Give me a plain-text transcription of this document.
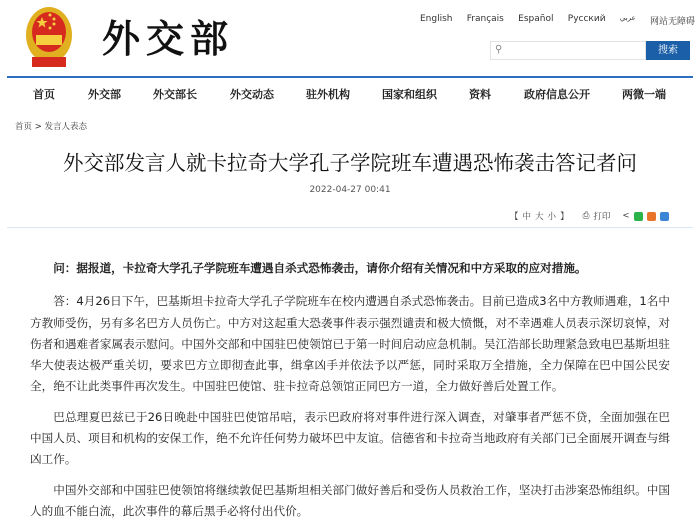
外交部	English Français Español Русский عربي 网站无障碍
⚲	搜索
首页	外交部	外交部长	外交动态	驻外机构	国家和组织	资料	政府信息公开	两微一端
首页 > 发言人表态
外交部发言人就卡拉奇大学孔子学院班车遭遇恐怖袭击答记者问
2022-04-27 00:41
【 中 大 小 】 ⎙ 打印 <

问：据报道，卡拉奇大学孔子学院班车遭遇自杀式恐怖袭击，请你介绍有关情况和中方采取的应对措施。

答：4月26日下午，巴基斯坦卡拉奇大学孔子学院班车在校内遭遇自杀式恐怖袭击。目前已造成3名中方教师遇难，1名中方教师受伤，另有多名巴方人员伤亡。中方对这起重大恐袭事件表示强烈谴责和极大愤慨，对不幸遇难人员表示深切哀悼，对伤者和遇难者家属表示慰问。中国外交部和中国驻巴使领馆已于第一时间启动应急机制。吴江浩部长助理紧急致电巴基斯坦驻华大使表达极严重关切，要求巴方立即彻查此事，缉拿凶手并依法予以严惩，同时采取万全措施，全力保障在巴中国公民安全，绝不让此类事件再次发生。中国驻巴使馆、驻卡拉奇总领馆正同巴方一道，全力做好善后处置工作。

巴总理夏巴兹已于26日晚赴中国驻巴使馆吊唁，表示巴政府将对事件进行深入调查，对肇事者严惩不贷，全面加强在巴中国人员、项目和机构的安保工作，绝不允许任何势力破坏巴中友谊。信德省和卡拉奇当地政府有关部门已全面展开调查与缉凶工作。

中国外交部和中国驻巴使领馆将继续敦促巴基斯坦相关部门做好善后和受伤人员救治工作，坚决打击涉案恐怖组织。中国人的血不能白流，此次事件的幕后黑手必将付出代价。
